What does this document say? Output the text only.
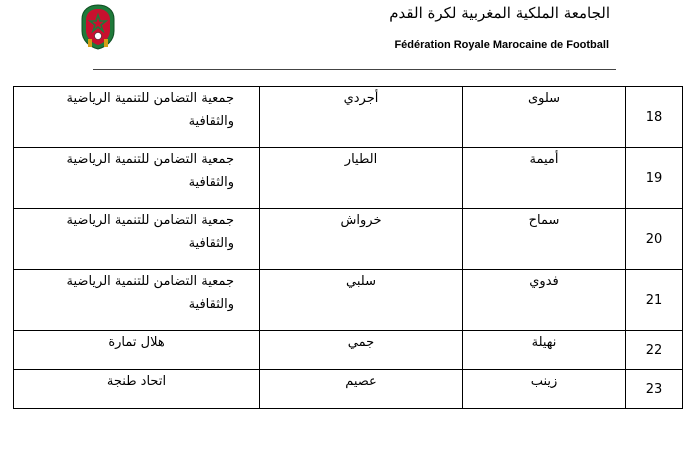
الجامعة الملكية المغربية لكرة القدم
Fédération Royale Marocaine de Football
جمعية التضامن للتنمية الرياضية والثقافية	أجردي	سلوى	18
جمعية التضامن للتنمية الرياضية والثقافية	الطيار	أميمة	19
جمعية التضامن للتنمية الرياضية والثقافية	خرواش	سماح	20
جمعية التضامن للتنمية الرياضية والثقافية	سلبي	فدوي	21
هلال تمارة	جمي	نهيلة	22
اتحاد طنجة	عصيم	زينب	23
